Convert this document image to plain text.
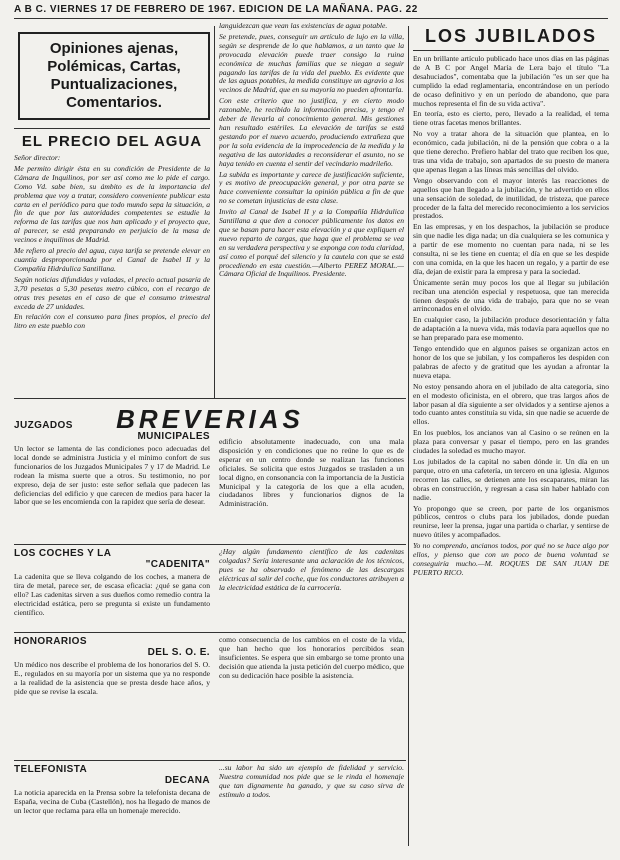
A B C. VIERNES 17 DE FEBRERO DE 1967. EDICION DE LA MAÑANA. PAG. 22
Opiniones ajenas,
Polémicas, Cartas,
Puntualizaciones,
Comentarios.
EL PRECIO DEL AGUA

Señor director:

Me permito dirigir ésta en su condición de Presidente de la Cámara de Inquilinos, por ser así como me lo pide el cargo. Como Vd. sabe bien, su ámbito es de la importancia del problema que voy a tratar, considero conveniente publicar esta carta en el periódico para que todo mundo sepa la situación, a fin de que por las autoridades competentes se estudie la reforma de las tarifas que nos han aplicado y el proyecto que, al parecer, se está preparando en perjuicio de la masa de vecinos e inquilinos de Madrid.

Me refiero al precio del agua, cuya tarifa se pretende elevar en cuantía desproporcionada por el Canal de Isabel II y la Compañía Hidráulica Santillana.

Según noticias difundidas y valadas, el precio actual pasaría de 3,70 pesetas a 5,30 pesetas metro cúbico, con el recargo de otras tres pesetas en el caso de que el consumo trimestral exceda de 27 unidades.

En relación con el consumo para fines propios, el precio del litro en este pueblo con

languidezcan que vean las existencias de agua potable.

Se pretende, pues, conseguir un artículo de lujo en la villa, según se desprende de lo que hablamos, a un tanto que la provocada elevación puede traer consigo la ruina económica de muchas familias que se niegan a seguir pagando las tarifas de la vida del pueblo. Es evidente que de las aguas potables, la medida constituye un agravio a los vecinos de Madrid, que en su mayoría no pueden afrontarla.

Con este criterio que no justifica, y en cierto modo razonable, he recibido la información precisa, y tengo el deber de llevarla al conocimiento general. Mis gestiones han resultado estériles. La elevación de tarifas se está gestando por el nuevo acuerdo, produciendo extrañeza que por la sola evidencia de la improcedencia de la medida y la negativa de las autoridades a reconsiderar el asunto, no se haya tenido en cuenta el sentir del vecindario madrileño.

La subida es importante y carece de justificación suficiente, y es motivo de preocupación general, y por otra parte se hace conveniente consultar la opinión pública a fin de que no se cometan injusticias de esta clase.

Invito al Canal de Isabel II y a la Compañía Hidráulica Santillana a que den a conocer públicamente los datos en que se basan para hacer esta elevación y a que expliquen el nuevo reparto de cargas, que haga que el problema se vea en su verdadera perspectiva y se exponga con toda claridad, así como el porqué del silencio y la cautela con que se está procediendo en esta cuestión.—Alberto PEREZ MORAL.—Cámara Oficial de Inquilinos. Presidente.

BREVERIAS
JUZGADOS
MUNICIPALES

Un lector se lamenta de las condiciones poco adecuadas del local donde se administra Justicia y el mínimo confort de sus funcionarios de los Juzgados Municipales 7 y 17 de Madrid. Le rodean la misma suerte que a otros. Su testimonio, no por expreso, deja de ser justo: este señor señala que padecen las deficiencias del edificio y que carecen de medios para hacer la labor que se les encomienda con la rapidez que sería de desear.

edificio absolutamente inadecuado, con una mala disposición y en condiciones que no reúne lo que es de esperar en un centro donde se realizan las funciones oficiales. Se solicita que estos Juzgados se trasladen a un local digno, en consonancia con la importancia de la Justicia Municipal y la categoría de los que a ella acuden, ciudadanos libres y funcionarios dignos de la Administración.

LOS COCHES Y LA
"CADENITA"

La cadenita que se lleva colgando de los coches, a manera de tira de metal, parece ser, de escasa eficacia: ¿qué se gana con ello? Las cadenitas sirven a sus dueños como remedio contra la electricidad estática, pero se pregunta si existe un fundamento científico.

¿Hay algún fundamento científico de las cadenitas colgadas? Sería interesante una aclaración de los técnicos, pues se ha observado el fenómeno de las descargas eléctricas al salir del coche, que los conductores atribuyen a la electricidad estática de la carrocería.

HONORARIOS
DEL S. O. E.

Un médico nos describe el problema de los honorarios del S. O. E., regulados en su mayoría por un sistema que ya no responde a la realidad de la asistencia que se presta desde hace años, y pide que se revise la escala.

como consecuencia de los cambios en el coste de la vida, que han hecho que los honorarios percibidos sean insuficientes. Se espera que sin embargo se tome pronto una decisión que atienda la justa petición del cuerpo médico, que con su dedicación hace posible la asistencia.

TELEFONISTA
DECANA

La noticia aparecida en la Prensa sobre la telefonista decana de España, vecina de Cuba (Castellón), nos ha llegado de manos de un lector que reclama para ella un homenaje merecido.

...su labor ha sido un ejemplo de fidelidad y servicio. Nuestra comunidad nos pide que se le rinda el homenaje que tan dignamente ha ganado, y que su caso sirva de estímulo a todos.

LOS JUBILADOS

En un brillante artículo publicado hace unos días en las páginas de A B C por Angel María de Lera bajo el título "La desahuciados", comentaba que la jubilación "es un ser que ha cumplido la edad reglamentaria, encontrándose en un período de ocaso definitivo y en un período de abandono, que para muchos representa el fin de su vida activa".

En teoría, esto es cierto, pero, llevado a la realidad, el tema tiene otras facetas menos brillantes.

No voy a tratar ahora de la situación que plantea, en lo económico, cada jubilación, ni de la pensión que cobra o a la que tiene derecho. Prefiero hablar del trato que reciben los que, tras una vida de trabajo, son apartados de su puesto de manera que apenas llegan a las líneas más sencillas del olvido.

Vengo observando con el mayor interés las reacciones de aquellos que han llegado a la jubilación, y he advertido en ellos una sensación de soledad, de inutilidad, de tristeza, que parece proceder de la falta del merecido reconocimiento a los servicios prestados.

En las empresas, y en los despachos, la jubilación se produce sin que nadie les diga nada; un día cualquiera se les comunica y a partir de ese momento no cuentan para nada, ni se les consulta, ni se les tiene en cuenta; el día en que se les despide con una comida, en la que les hacen un regalo, y a partir de ese día, dejan de existir para la empresa y para la sociedad.

Únicamente serán muy pocos los que al llegar su jubilación reciban una atención especial y respetuosa, que tan merecida tienen después de una vida de trabajo, para que no se vean arrinconados en el olvido.

En cualquier caso, la jubilación produce desorientación y falta de adaptación a la nueva vida, más todavía para aquellos que no se han preparado para ese momento.

Tengo entendido que en algunos países se organizan actos en honor de los que se jubilan, y los compañeros les despiden con palabras de afecto y de gratitud que les ayudan a afrontar la nueva etapa.

No estoy pensando ahora en el jubilado de alta categoría, sino en el modesto oficinista, en el obrero, que tras largos años de labor pasan al día siguiente a ser olvidados y a sentirse ajenos a todo cuanto antes constituía su vida, sin que nadie se acuerde de ellos.

En los pueblos, los ancianos van al Casino o se reúnen en la plaza para conversar y pasar el tiempo, pero en las grandes ciudades la soledad es mucho mayor.

Los jubilados de la capital no saben dónde ir. Un día en un parque, otro en una cafetería, un tercero en una iglesia. Algunos recorren las calles, se detienen ante los escaparates, miran las obras en construcción, y regresan a casa sin haber hablado con nadie.

Yo propongo que se creen, por parte de los organismos públicos, centros o clubs para los jubilados, donde puedan reunirse, leer la prensa, jugar una partida o charlar, y sentirse de nuevo útiles y acompañados.

Yo no comprendo, ancianos todos, por qué no se hace algo por ellos, y pienso que con un poco de buena voluntad se conseguiría mucho.—M. ROQUES DE SAN JUAN DE PUERTO RICO.
